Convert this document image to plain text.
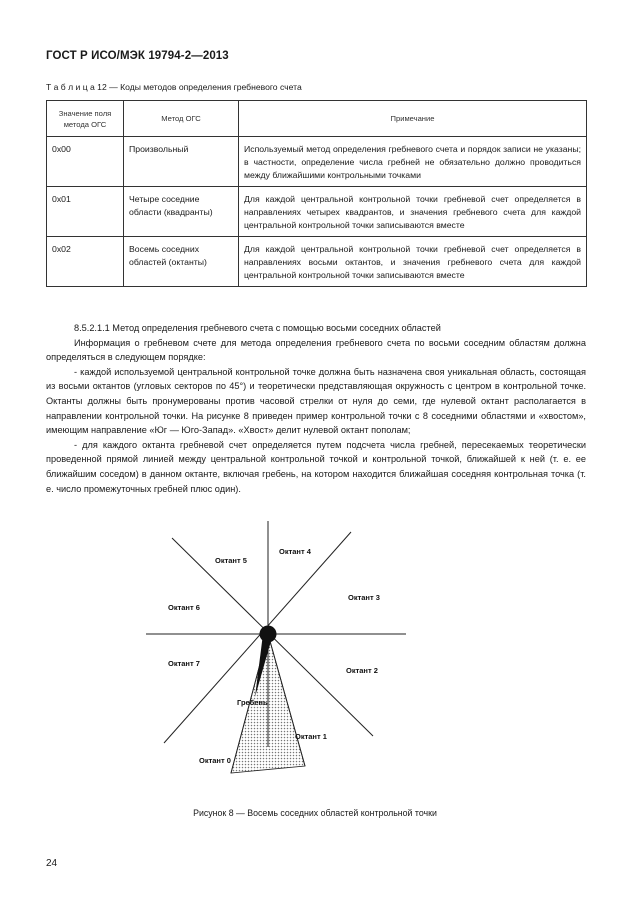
ГОСТ Р ИСО/МЭК 19794-2—2013
Т а б л и ц а 12 — Коды методов определения гребневого счета
Значение поля метода ОГС	Метод ОГС	Примечание
0x00	Произвольный	Используемый метод определения гребневого счета и порядок записи не указаны; в частности, определение числа гребней не обязательно должно проводиться между ближайшими контрольными точками
0x01	Четыре соседние области (квадранты)	Для каждой центральной контрольной точки гребневой счет определяется в направлениях четырех квадрантов, и значения гребневого счета для каждой центральной контрольной точки записываются вместе
0x02	Восемь соседних областей (октанты)	Для каждой центральной контрольной точки гребневой счет определяется в направлениях восьми октантов, и значения гребневого счета для каждой центральной контрольной точки записываются вместе

8.5.2.1.1 Метод определения гребневого счета с помощью восьми соседних областей

Информация о гребневом счете для метода определения гребневого счета по восьми соседним областям должна определяться в следующем порядке:

- каждой используемой центральной контрольной точке должна быть назначена своя уникальная область, состоящая из восьми октантов (угловых секторов по 45°) и теоретически представляющая окружность с центром в контрольной точке. Октанты должны быть пронумерованы против часовой стрелки от нуля до семи, где нулевой октант располагается в направлении контрольной точки. На рисунке 8 приведен пример контрольной точки с 8 соседними областями и «хвостом», имеющим направление «Юг — Юго-Запад». «Хвост» делит нулевой октант пополам;

- для каждого октанта гребневой счет определяется путем подсчета числа гребней, пересекаемых теоретически проведенной прямой линией между центральной контрольной точкой и контрольной точкой, ближайшей к ней (т. е. ее ближайшим соседом) в данном октанте, включая гребень, на котором находится ближайшая соседняя контрольная точка (т. е. число промежуточных гребней плюс один).

Октант 5
Октант 4
Октант 6
Октант 3
Октант 7
Октант 2
Гребень
Октант 1
Октант 0
Рисунок 8 — Восемь соседних областей контрольной точки
24
